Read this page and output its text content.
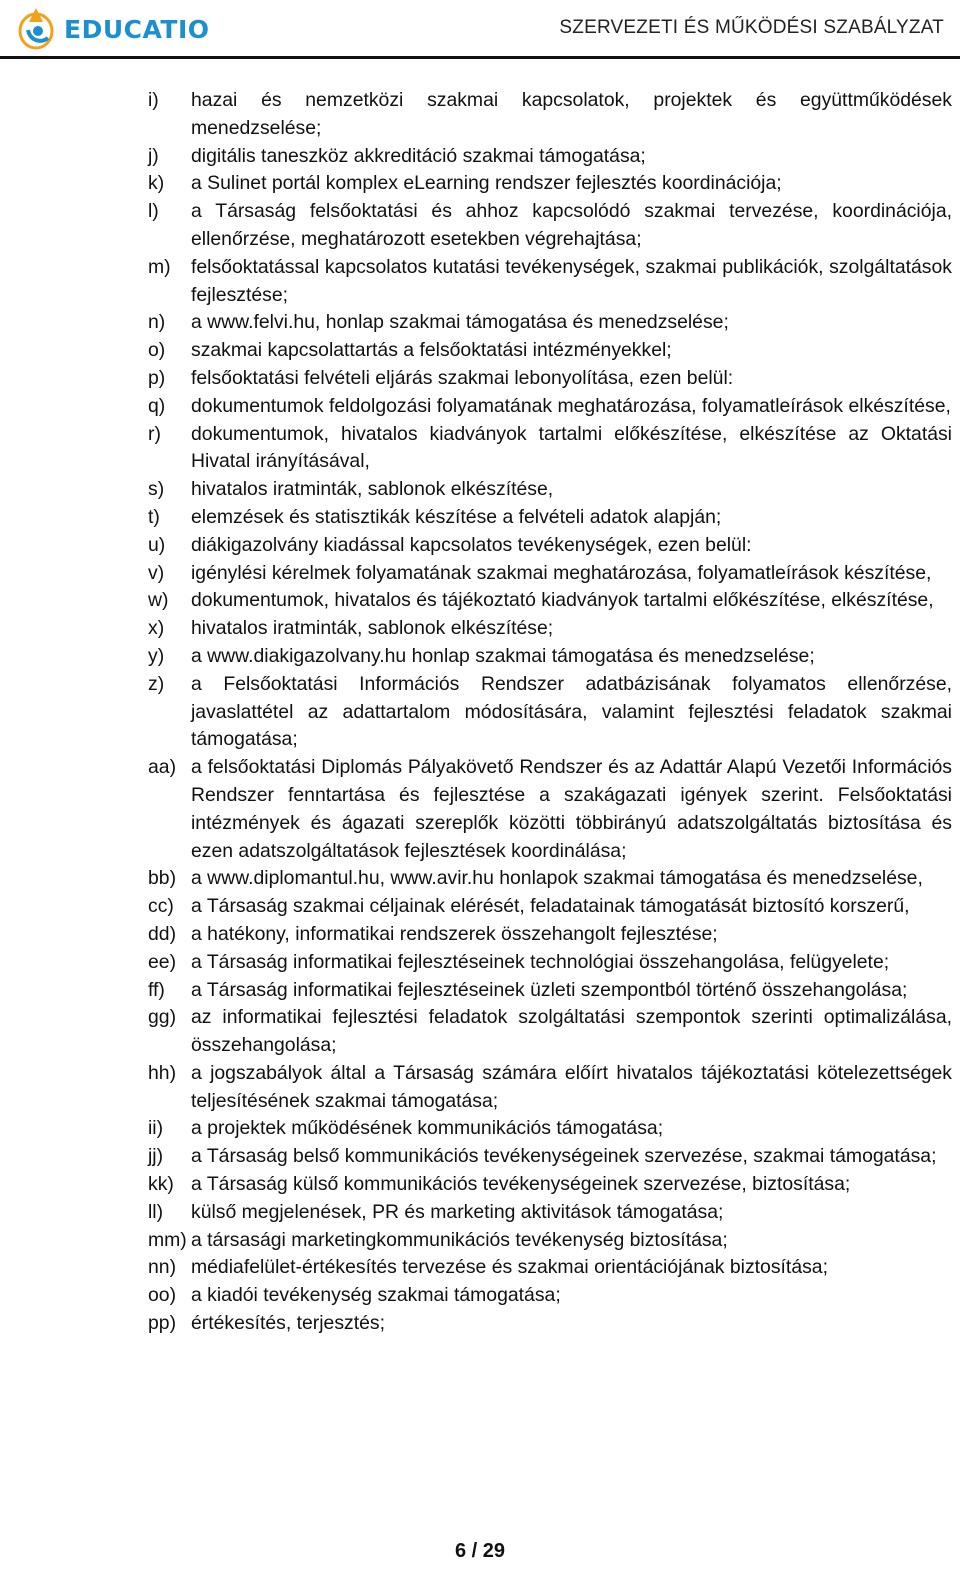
EDUCATIO	SZERVEZETI ÉS MŰKÖDÉSI SZABÁLYZAT
i) hazai és nemzetközi szakmai kapcsolatok, projektek és együttműködések menedzselése;
j) digitális taneszköz akkreditáció szakmai támogatása;
k) a Sulinet portál komplex eLearning rendszer fejlesztés koordinációja;
l) a Társaság felsőoktatási és ahhoz kapcsolódó szakmai tervezése, koordinációja, ellenőrzése, meghatározott esetekben végrehajtása;
m) felsőoktatással kapcsolatos kutatási tevékenységek, szakmai publikációk, szolgáltatások fejlesztése;
n) a www.felvi.hu, honlap szakmai támogatása és menedzselése;
o) szakmai kapcsolattartás a felsőoktatási intézményekkel;
p) felsőoktatási felvételi eljárás szakmai lebonyolítása, ezen belül:
q) dokumentumok feldolgozási folyamatának meghatározása, folyamatleírások elkészítése,
r) dokumentumok, hivatalos kiadványok tartalmi előkészítése, elkészítése az Oktatási Hivatal irányításával,
s) hivatalos iratminták, sablonok elkészítése,
t) elemzések és statisztikák készítése a felvételi adatok alapján;
u) diákigazolvány kiadással kapcsolatos tevékenységek, ezen belül:
v) igénylési kérelmek folyamatának szakmai meghatározása, folyamatleírások készítése,
w) dokumentumok, hivatalos és tájékoztató kiadványok tartalmi előkészítése, elkészítése,
x) hivatalos iratminták, sablonok elkészítése;
y) a www.diakigazolvany.hu honlap szakmai támogatása és menedzselése;
z) a Felsőoktatási Információs Rendszer adatbázisának folyamatos ellenőrzése, javaslattétel az adattartalom módosítására, valamint fejlesztési feladatok szakmai támogatása;
aa) a felsőoktatási Diplomás Pályakövető Rendszer és az Adattár Alapú Vezetői Információs Rendszer fenntartása és fejlesztése a szakágazati igények szerint. Felsőoktatási intézmények és ágazati szereplők közötti többirányú adatszolgáltatás biztosítása és ezen adatszolgáltatások fejlesztések koordinálása;
bb) a www.diplomantul.hu, www.avir.hu honlapok szakmai támogatása és menedzselése,
cc) a Társaság szakmai céljainak elérését, feladatainak támogatását biztosító korszerű,
dd) a hatékony, informatikai rendszerek összehangolt fejlesztése;
ee) a Társaság informatikai fejlesztéseinek technológiai összehangolása, felügyelete;
ff) a Társaság informatikai fejlesztéseinek üzleti szempontból történő összehangolása;
gg) az informatikai fejlesztési feladatok szolgáltatási szempontok szerinti optimalizálása, összehangolása;
hh) a jogszabályok által a Társaság számára előírt hivatalos tájékoztatási kötelezettségek teljesítésének szakmai támogatása;
ii) a projektek működésének kommunikációs támogatása;
jj) a Társaság belső kommunikációs tevékenységeinek szervezése, szakmai támogatása;
kk) a Társaság külső kommunikációs tevékenységeinek szervezése, biztosítása;
ll) külső megjelenések, PR és marketing aktivitások támogatása;
mm) a társasági marketingkommunikációs tevékenység biztosítása;
nn) médiafelület-értékesítés tervezése és szakmai orientációjának biztosítása;
oo) a kiadói tevékenység szakmai támogatása;
pp) értékesítés, terjesztés;
6 / 29
